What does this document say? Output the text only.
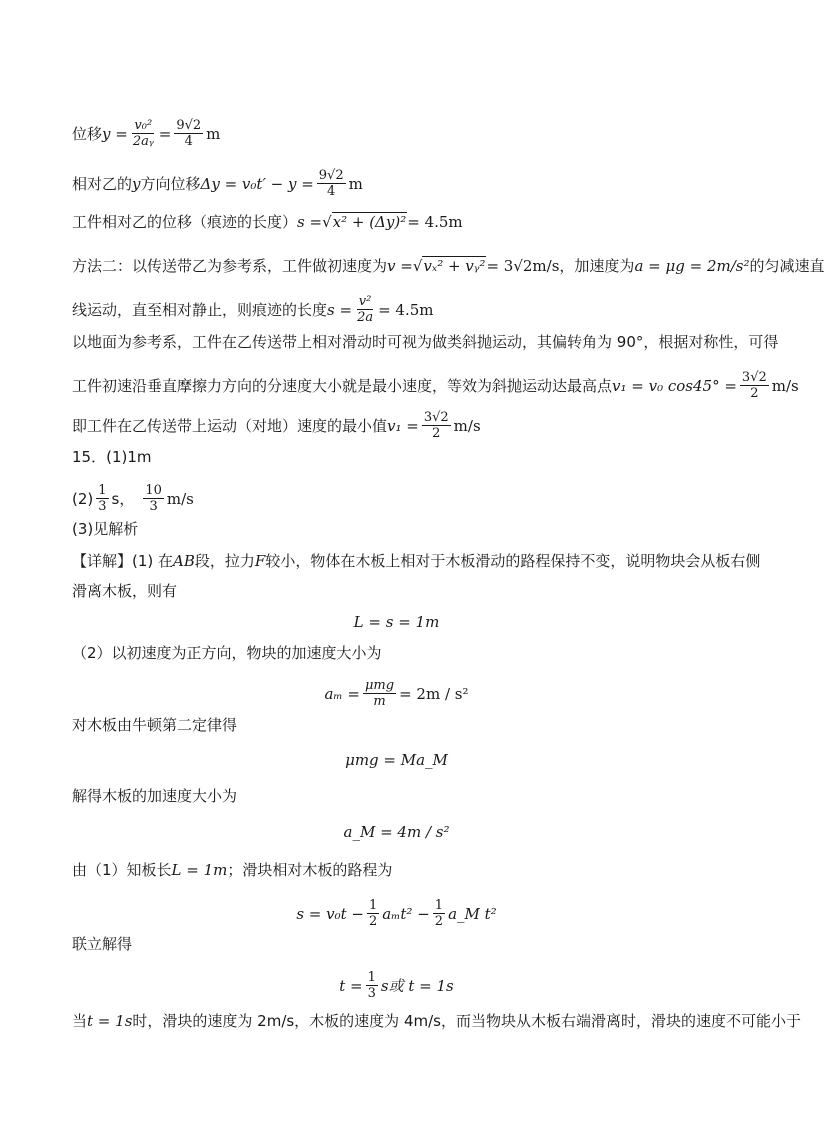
位移 $y = \frac{\text{v₀²}}{\text{2aᵧ}} = \frac{9√2}{4}$ m
相对乙的 y 方向位移 $\Delta y = v_0t' - y = \frac{9√2}{4}$ m
工件相对乙的位移（痕迹的长度） s = √x² + (Δy)² = 4.5m
方法二：以传送带乙为参考系，工件做初速度为 v = √vₓ² + vᵧ² = 3√2m/s ，加速度为 a = μg = 2m/s² 的匀减速直
线运动，直至相对静止，则痕迹的长度 $s = \frac{\text{v²}}{2a} = 4.5m$
以地面为参考系，工件在乙传送带上相对滑动时可视为做类斜抛运动，其偏转角为 90°，根据对称性，可得
工件初速沿垂直摩擦力方向的分速度大小就是最小速度，等效为斜抛运动达最高点 v₁ = v₀ $\cos 45^\circ = \frac{3√2}{2} m/s$
即工件在乙传送带上运动（对地）速度的最小值 $v_1 = \frac{3√2}{2} m/s$
15．(1)1m
$(2) \frac{1}{3}$ s， $\frac{10}{3} m/s$
(3)见解析
【详解】(1) 在 AB 段，拉力 F 较小，物体在木板上相对于木板滑动的路程保持不变，说明物块会从板右侧
滑离木板，则有
L = s = 1m
（2）以初速度为正方向，物块的加速度大小为
$a_m = \frac{\text{μmg}}{m} = 2m / s^2$
对木板由牛顿第二定律得
μmg = Ma_M
解得木板的加速度大小为
a_M = 4m / s²
由（1）知板长 L = 1m ；滑块相对木板的路程为
$s = v_0t - \frac{1}{2} a_mt^2 - \frac{1}{2}$ a_M t²
联立解得
$t = \frac{1}{3}$ s或 t = 1s
当 t = 1s 时，滑块的速度为 2m/s，木板的速度为 4m/s，而当物块从木板右端滑离时，滑块的速度不可能小于
